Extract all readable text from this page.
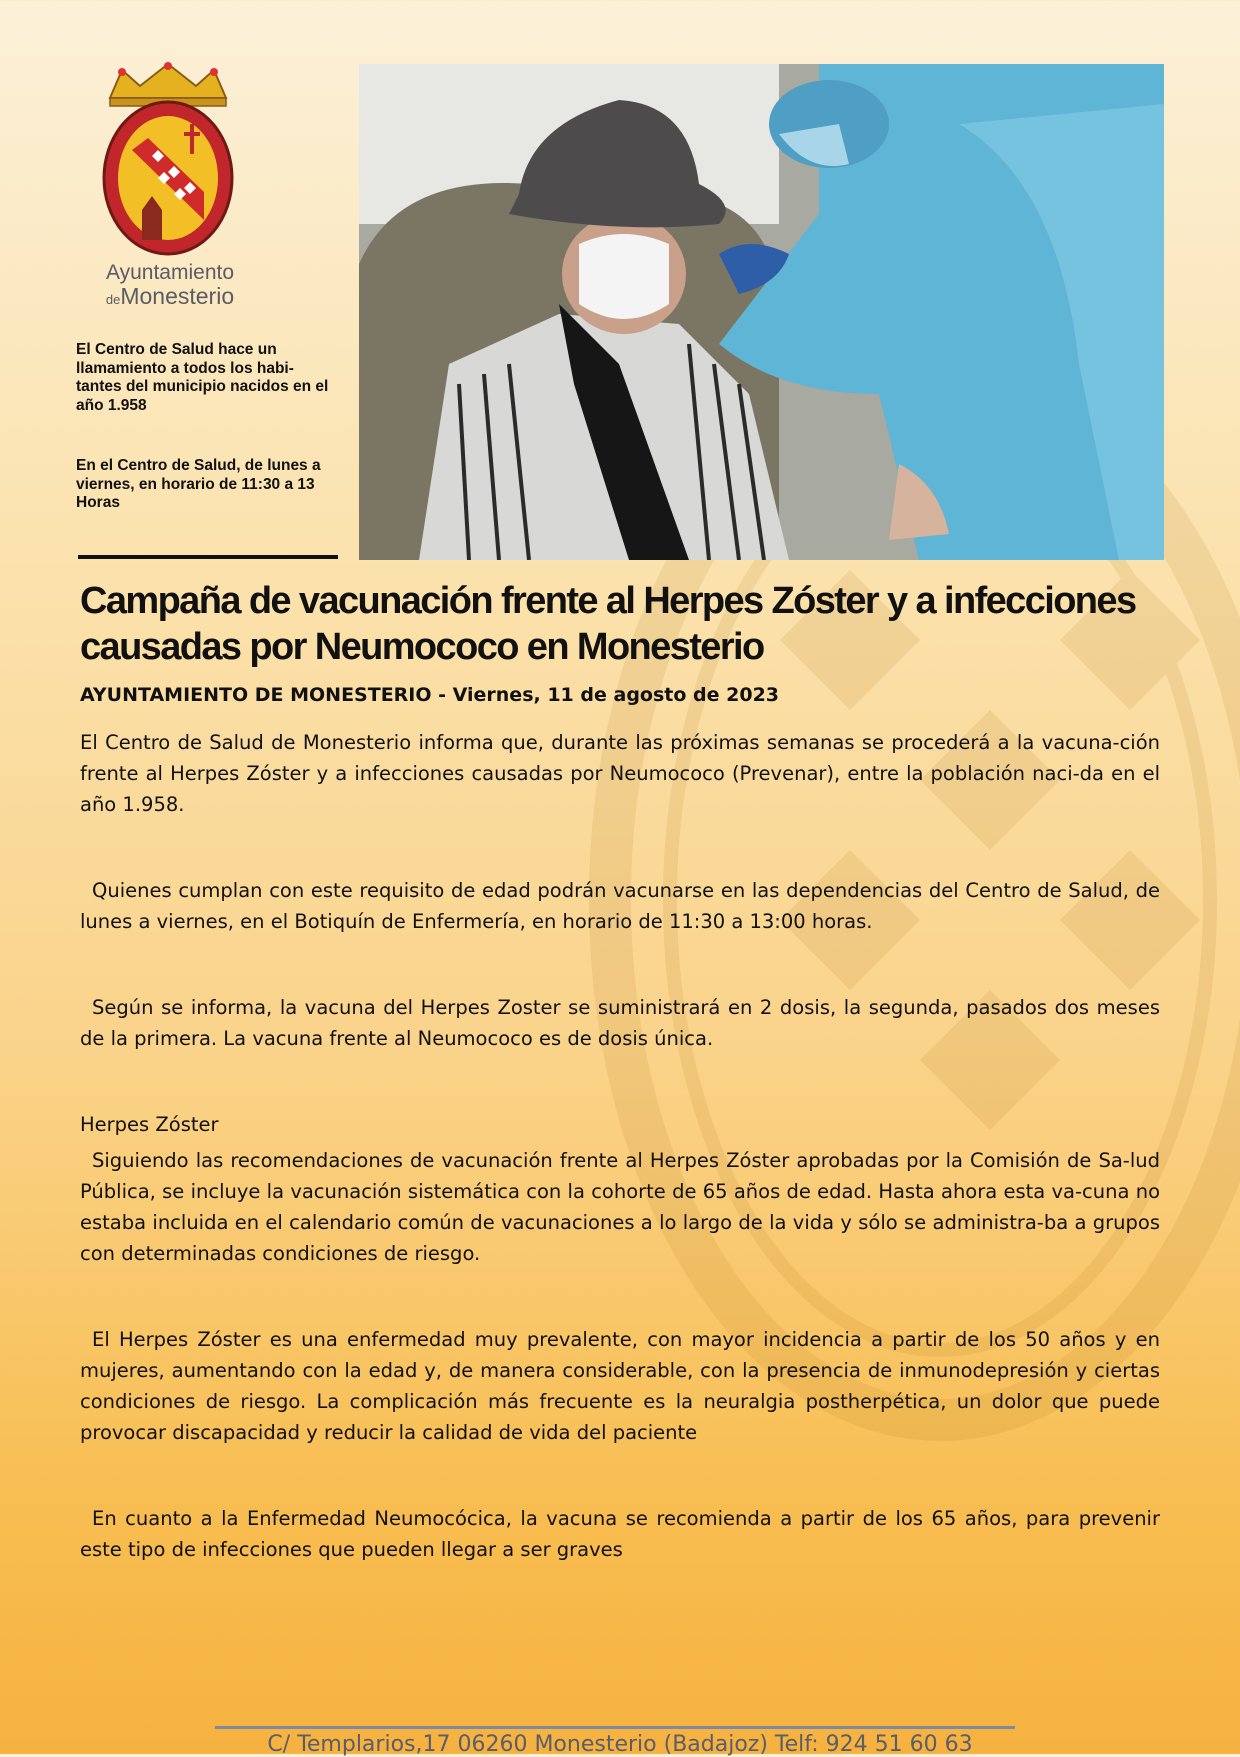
Ayuntamiento
deMonesterio
El Centro de Salud hace un llamamiento a todos los habi-tantes del municipio nacidos en el año 1.958
En el Centro de Salud, de lunes a viernes, en horario de 11:30 a 13 Horas
Campaña de vacunación frente al Herpes Zóster y a infecciones causadas por Neumococo en Monesterio
AYUNTAMIENTO DE MONESTERIO - Viernes, 11 de agosto de 2023

El Centro de Salud de Monesterio informa que, durante las próximas semanas se procederá a la vacuna-ción frente al Herpes Zóster y a infecciones causadas por Neumococo (Prevenar), entre la población naci-da en el año 1.958.

Quienes cumplan con este requisito de edad podrán vacunarse en las dependencias del Centro de Salud, de lunes a viernes, en el Botiquín de Enfermería, en horario de 11:30 a 13:00 horas.

Según se informa, la vacuna del Herpes Zoster se suministrará en 2 dosis, la segunda, pasados dos meses de la primera. La vacuna frente al Neumococo es de dosis única.

Herpes Zóster

Siguiendo las recomendaciones de vacunación frente al Herpes Zóster aprobadas por la Comisión de Sa-lud Pública, se incluye la vacunación sistemática con la cohorte de 65 años de edad. Hasta ahora esta va-cuna no estaba incluida en el calendario común de vacunaciones a lo largo de la vida y sólo se administra-ba a grupos con determinadas condiciones de riesgo.

El Herpes Zóster es una enfermedad muy prevalente, con mayor incidencia a partir de los 50 años y en mujeres, aumentando con la edad y, de manera considerable, con la presencia de inmunodepresión y ciertas condiciones de riesgo. La complicación más frecuente es la neuralgia postherpética, un dolor que puede provocar discapacidad y reducir la calidad de vida del paciente

En cuanto a la Enfermedad Neumocócica, la vacuna se recomienda a partir de los 65 años, para prevenir este tipo de infecciones que pueden llegar a ser graves

C/ Templarios,17 06260 Monesterio (Badajoz) Telf: 924 51 60 63
